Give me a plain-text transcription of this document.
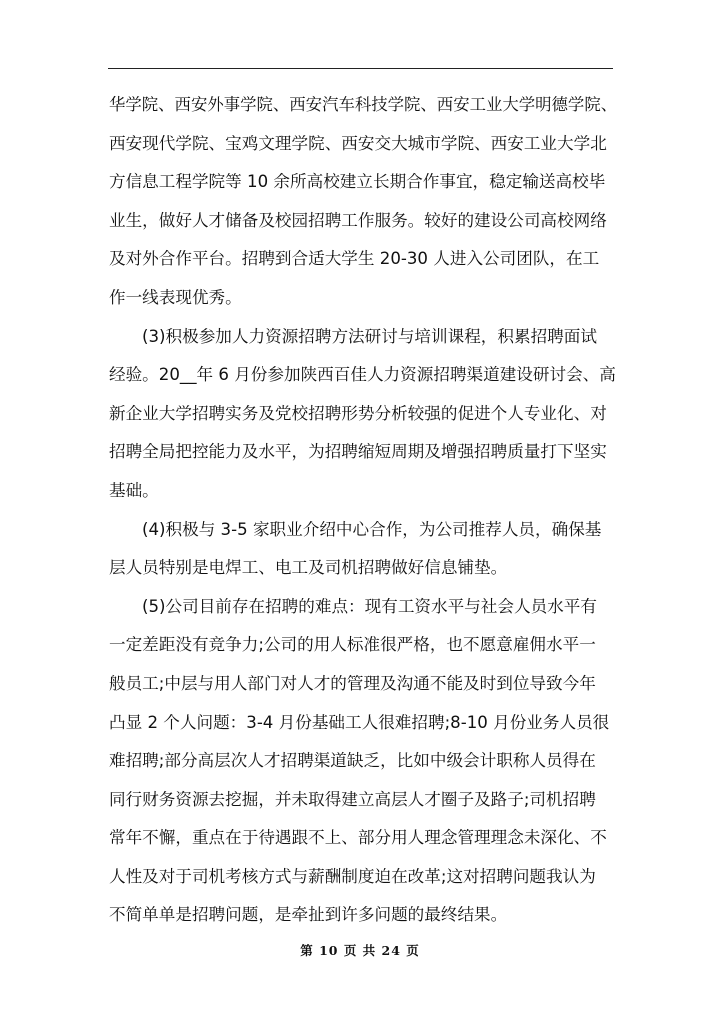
华学院、西安外事学院、西安汽车科技学院、西安工业大学明德学院、
西安现代学院、宝鸡文理学院、西安交大城市学院、西安工业大学北
方信息工程学院等 10 余所高校建立长期合作事宜，稳定输送高校毕
业生，做好人才储备及校园招聘工作服务。较好的建设公司高校网络
及对外合作平台。招聘到合适大学生 20-30 人进入公司团队，在工
作一线表现优秀。
(3)积极参加人力资源招聘方法研讨与培训课程，积累招聘面试
经验。20__年 6 月份参加陕西百佳人力资源招聘渠道建设研讨会、高
新企业大学招聘实务及党校招聘形势分析较强的促进个人专业化、对
招聘全局把控能力及水平，为招聘缩短周期及增强招聘质量打下坚实
基础。
(4)积极与 3-5 家职业介绍中心合作，为公司推荐人员，确保基
层人员特别是电焊工、电工及司机招聘做好信息铺垫。
(5)公司目前存在招聘的难点：现有工资水平与社会人员水平有
一定差距没有竞争力;公司的用人标准很严格，也不愿意雇佣水平一
般员工;中层与用人部门对人才的管理及沟通不能及时到位导致今年
凸显 2 个人问题：3-4 月份基础工人很难招聘;8-10 月份业务人员很
难招聘;部分高层次人才招聘渠道缺乏，比如中级会计职称人员得在
同行财务资源去挖掘，并未取得建立高层人才圈子及路子;司机招聘
常年不懈，重点在于待遇跟不上、部分用人理念管理理念未深化、不
人性及对于司机考核方式与薪酬制度迫在改革;这对招聘问题我认为
不简单单是招聘问题，是牵扯到许多问题的最终结果。
第 10 页 共 24 页
